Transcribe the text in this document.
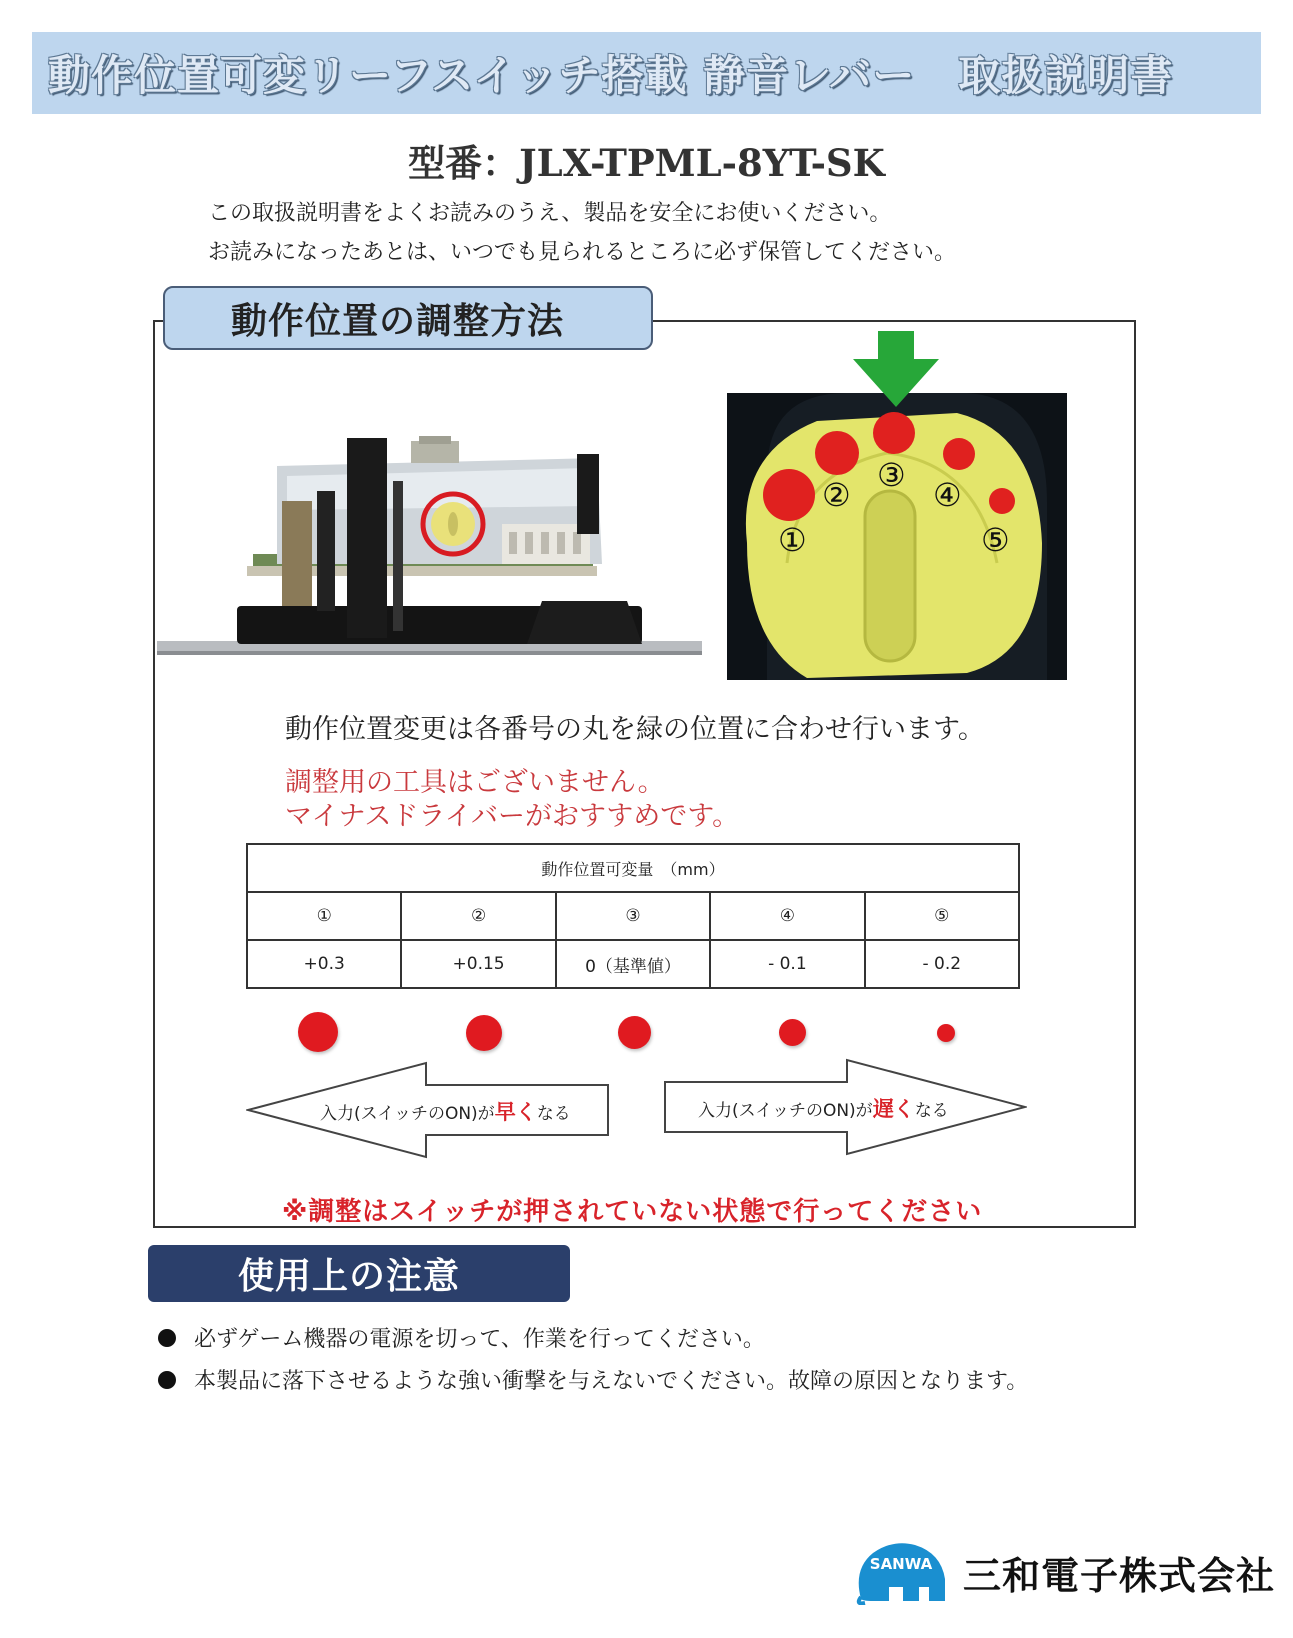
動作位置可変リーフスイッチ搭載 静音レバー　取扱説明書
型番：JLX-TPML-8YT-SK
この取扱説明書をよくお読みのうえ、製品を安全にお使いください。
お読みになったあとは、いつでも見られるところに必ず保管してください。
動作位置の調整方法
①
②
③
④
⑤
動作位置変更は各番号の丸を緑の位置に合わせ行います。
調整用の工具はございません。
マイナスドライバーがおすすめです。
動作位置可変量　（mm）				
①	②	③	④	⑤
+0.3	+0.15	0（基準値）	- 0.1	- 0.2
入力(スイッチのON)が早くなる	入力(スイッチのON)が遅くなる
※調整はスイッチが押されていない状態で行ってください
使用上の注意
必ずゲーム機器の電源を切って、作業を行ってください。
本製品に落下させるような強い衝撃を与えないでください。故障の原因となります。
SANWA 三和電子株式会社
